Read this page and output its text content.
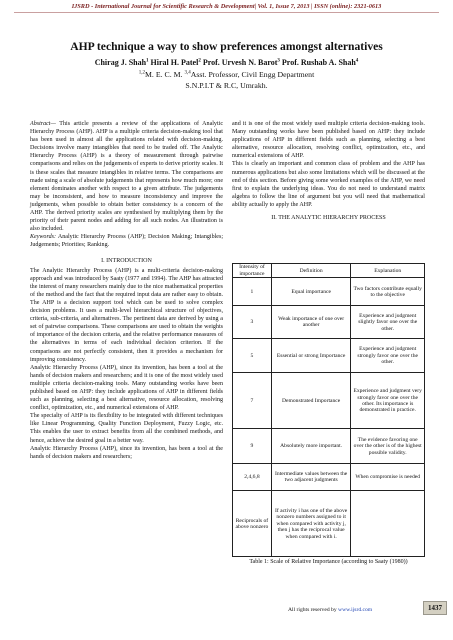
IJSRD - International Journal for Scientific Research & Development| Vol. 1, Issue 7, 2013 | ISSN (online): 2321-0613
AHP technique a way to show preferences amongst alternatives
Chirag J. Shah$^1$ Hiral H. Patel$^2$ Prof. Urvesh N. Barot$^3$ Prof. Rushab A. Shah$^4$
$^{1,2}$M. E. C. M. $^{3,4}$Asst. Professor, Civil Engg Department
S.N.P.I.T & R.C, Umrakh.

Abstract— This article presents a review of the applications of Analytic Hierarchy Process (AHP). AHP is a multiple criteria decision-making tool that has been used in almost all the applications related with decision-making. Decisions involve many intangibles that need to be traded off. The Analytic Hierarchy Process (AHP) is a theory of measurement through pairwise comparisons and relies on the judgements of experts to derive priority scales. It is these scales that measure intangibles in relative terms. The comparisons are made using a scale of absolute judgements that represents how much more; one element dominates another with respect to a given attribute. The judgements may be inconsistent, and how to measure inconsistency and improve the judgements, when possible to obtain better consistency is a concern of the AHP. The derived priority scales are synthesised by multiplying them by the priority of their parent nodes and adding for all such nodes. An illustration is also included.

Keywords: Analytic Hierarchy Process (AHP); Decision Making; Intangibles; Judgements; Priorities; Ranking.

I. INTRODUCTION

The Analytic Hierarchy Process (AHP) is a multi-criteria decision-making approach and was introduced by Saaty (1977 and 1994). The AHP has attracted the interest of many researchers mainly due to the nice mathematical properties of the method and the fact that the required input data are rather easy to obtain. The AHP is a decision support tool which can be used to solve complex decision problems. It uses a multi-level hierarchical structure of objectives, criteria, sub-criteria, and alternatives. The pertinent data are derived by using a set of pairwise comparisons. These comparisons are used to obtain the weights of importance of the decision criteria, and the relative performance measures of the alternatives in terms of each individual decision criterion. If the comparisons are not perfectly consistent, then it provides a mechanism for improving consistency.

Analytic Hierarchy Process (AHP), since its invention, has been a tool at the hands of decision makers and researchers; and it is one of the most widely used multiple criteria decision-making tools. Many outstanding works have been published based on AHP: they include applications of AHP in different fields such as planning, selecting a best alternative, resource allocation, resolving conflict, optimization, etc., and numerical extensions of AHP.

The specialty of AHP is its flexibility to be integrated with different techniques like Linear Programming, Quality Function Deployment, Fuzzy Logic, etc. This enables the user to extract benefits from all the combined methods, and hence, achieve the desired goal in a better way.

Analytic Hierarchy Process (AHP), since its invention, has been a tool at the hands of decision makers and researchers;

and it is one of the most widely used multiple criteria decision-making tools. Many outstanding works have been published based on AHP: they include applications of AHP in different fields such as planning, selecting a best alternative, resource allocation, resolving conflict, optimization, etc., and numerical extensions of AHP.

This is clearly an important and common class of problem and the AHP has numerous applications but also some limitations which will be discussed at the end of this section. Before giving some worked examples of the AHP, we need first to explain the underlying ideas. You do not need to understand matrix algebra to follow the line of argument but you will need that mathematical ability actually to apply the AHP.

II. THE ANALYTIC HIERARCHY PROCESS
Intensity of importance	Definition	Explanation
1	Equal importance	Two factors contribute equally to the objective
3	Weak importance of one over another	Experience and judgment slightly favor one over the other.
5	Essential or strong Importance	Experience and judgment strongly favor one over the other.
7	Demonstrated Importance	Experience and judgment very strongly favor one over the other. Its importance is demonstrated in practice.
9	Absolutely more important.	The evidence favoring one over the other is of the highest possible validity.
2,4,6,8	Intermediate values between the two adjacent judgments	When compromise is needed
Reciprocals of above nonzero	If activity i has one of the above nonzero numbers assigned to it when compared with activity j, then j has the reciprocal value when compared with i.	
Table 1: Scale of Relative Importance (according to Saaty (1980))
All rights reserved by www.ijsrd.com	1437
